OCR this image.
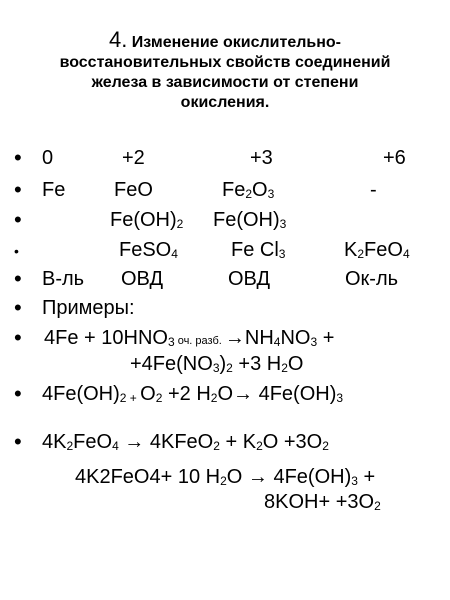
4. Изменение окислительно-
восстановительных свойств соединений
железа в зависимости от степени
окисления.
• 0	+2	+3	+6
• Fe FeO	Fe2O3	-
•	Fe(OH)2 Fe(OH)3
•	FeSO4	Fe Cl3	K2FeO4
• В-ль ОВД	ОВД	Ок-ль
• Примеры:
• 4Fe + 10HNO3 оч. разб. →NH4NO3 +
+4Fe(NO3)2 +3 H2O
• 4Fe(OH)2 + O2 +2 H2O→ 4Fe(OH)3
• 4K2FeO4 → 4KFeO2 + K2O +3O2
4K2FeO4+ 10 H2O → 4Fe(OH)3 +
8KOH+ +3O2
